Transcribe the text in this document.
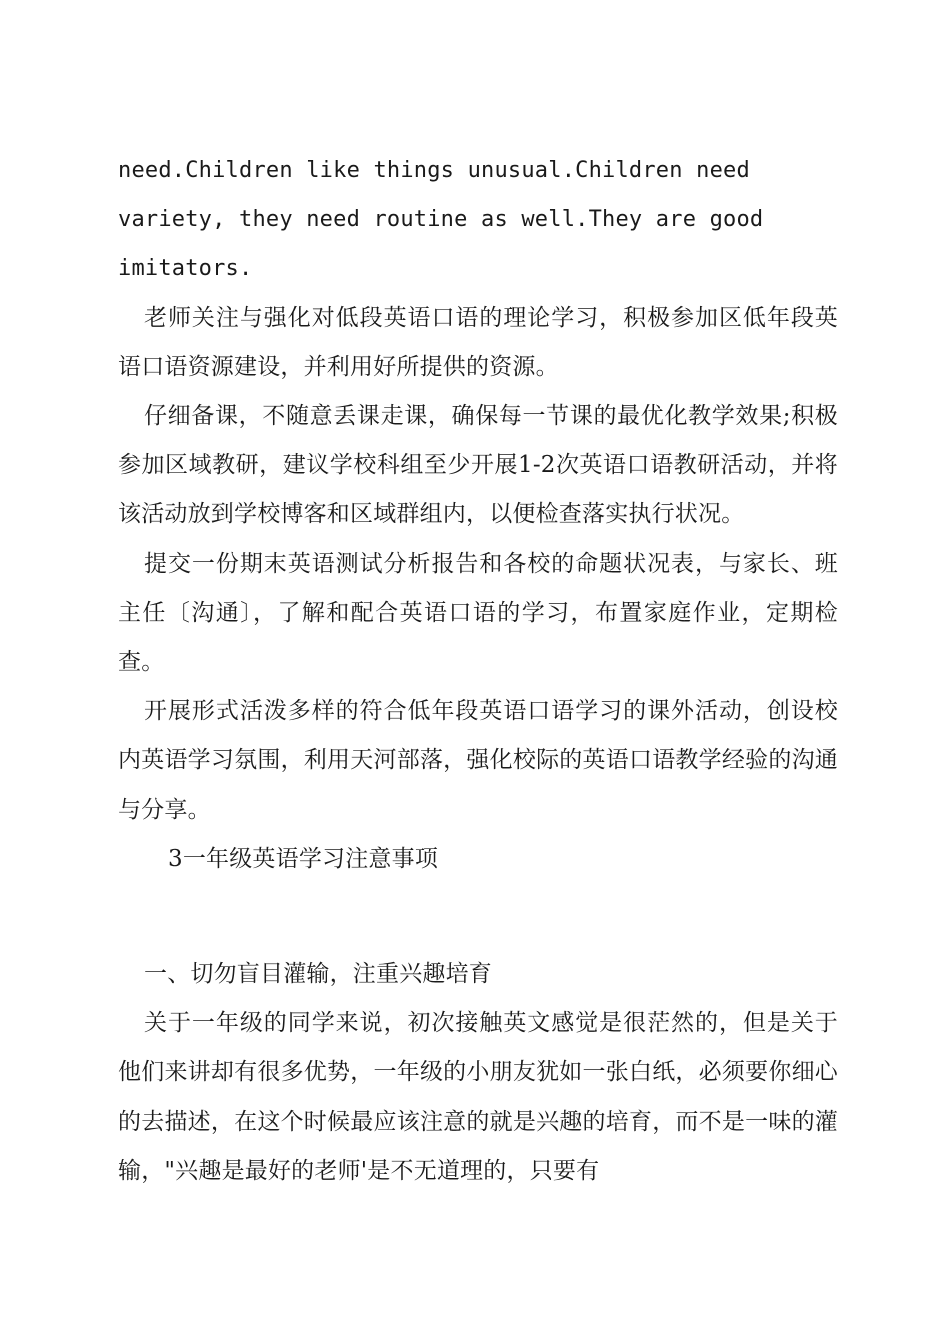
need.Children like things unusual.Children need variety, they need routine as well.They are good imitators.

老师关注与强化对低段英语口语的理论学习，积极参加区低年段英语口语资源建设，并利用好所提供的资源。

仔细备课，不随意丢课走课，确保每一节课的最优化教学效果;积极参加区域教研，建议学校科组至少开展1-2次英语口语教研活动，并将该活动放到学校博客和区域群组内，以便检查落实执行状况。

提交一份期末英语测试分析报告和各校的命题状况表，与家长、班主任〔沟通〕，了解和配合英语口语的学习，布置家庭作业，定期检查。

开展形式活泼多样的符合低年段英语口语学习的课外活动，创设校内英语学习氛围，利用天河部落，强化校际的英语口语教学经验的沟通与分享。

3一年级英语学习注意事项

一、切勿盲目灌输，注重兴趣培育

关于一年级的同学来说，初次接触英文感觉是很茫然的，但是关于他们来讲却有很多优势，一年级的小朋友犹如一张白纸，必须要你细心的去描述，在这个时候最应该注意的就是兴趣的培育，而不是一味的灌输，"兴趣是最好的老师'是不无道理的，只要有
